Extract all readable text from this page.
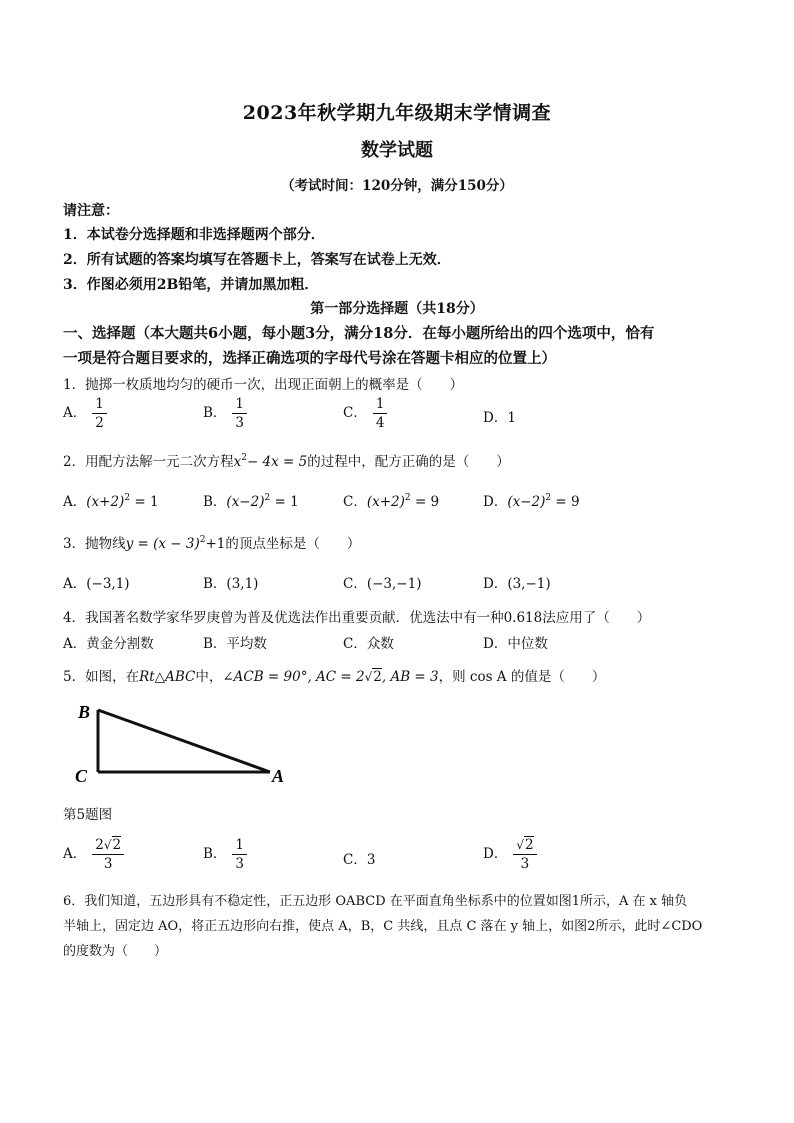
2023年秋学期九年级期末学情调查
数学试题
（考试时间：120分钟，满分150分）
请注意：
1．本试卷分选择题和非选择题两个部分．
2．所有试题的答案均填写在答题卡上，答案写在试卷上无效．
3．作图必须用2B铅笔，并请加黑加粗．
第一部分选择题（共18分）
一、选择题（本大题共6小题，每小题3分，满分18分．在每小题所给出的四个选项中，恰有
一项是符合题目要求的，选择正确选项的字母代号涂在答题卡相应的位置上）
1．抛掷一枚质地均匀的硬币一次，出现正面朝上的概率是（　　）
A． $\frac{1}{2}$	B． $\frac{1}{3}$	C． $\frac{1}{4}$	D．1
2．用配方法解一元二次方程$x^2- 4x = 5$的过程中，配方正确的是（　　）
A．$(x+2)^2 = 1$	B．$(x-2)^2 = 1$	C．$(x+2)^2 = 9$	D．$(x-2)^2 = 9$
3．抛物线$y = (x - 3)^2+1$的顶点坐标是（　　）
A．(−3,1)	B．(3,1)	C．(−3,−1)	D．(3,−1)
4．我国著名数学家华罗庚曾为普及优选法作出重要贡献．优选法中有一种0.618法应用了（　　）
A．黄金分割数	B．平均数	C．众数	D．中位数
5．如图，在Rt△ABC中，∠ACB = 90°, AC = 2√2, AB = 3，则 cos A 的值是（　　）
B
C	A
第5题图
A． $\frac{2√2}{3}$	B． $\frac{1}{3}$	C．3	D． $\frac{√2}{3}$
6．我们知道，五边形具有不稳定性，正五边形 OABCD 在平面直角坐标系中的位置如图1所示，A 在 x 轴负
半轴上，固定边 AO，将正五边形向右推，使点 A，B，C 共线，且点 C 落在 y 轴上，如图2所示，此时∠CDO
的度数为（　　）
